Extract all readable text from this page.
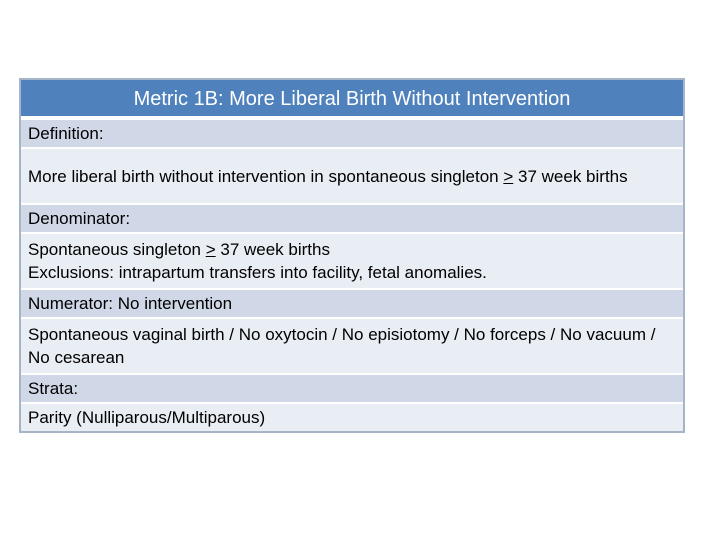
Metric 1B: More Liberal Birth Without Intervention
Definition:
More liberal birth without intervention in spontaneous singleton ≥ 37 week births
Denominator:
Spontaneous singleton ≥ 37 week births
Exclusions: intrapartum transfers into facility, fetal anomalies.
Numerator: No intervention
Spontaneous vaginal birth / No oxytocin / No episiotomy / No forceps / No vacuum / No cesarean
Strata:
Parity (Nulliparous/Multiparous)
